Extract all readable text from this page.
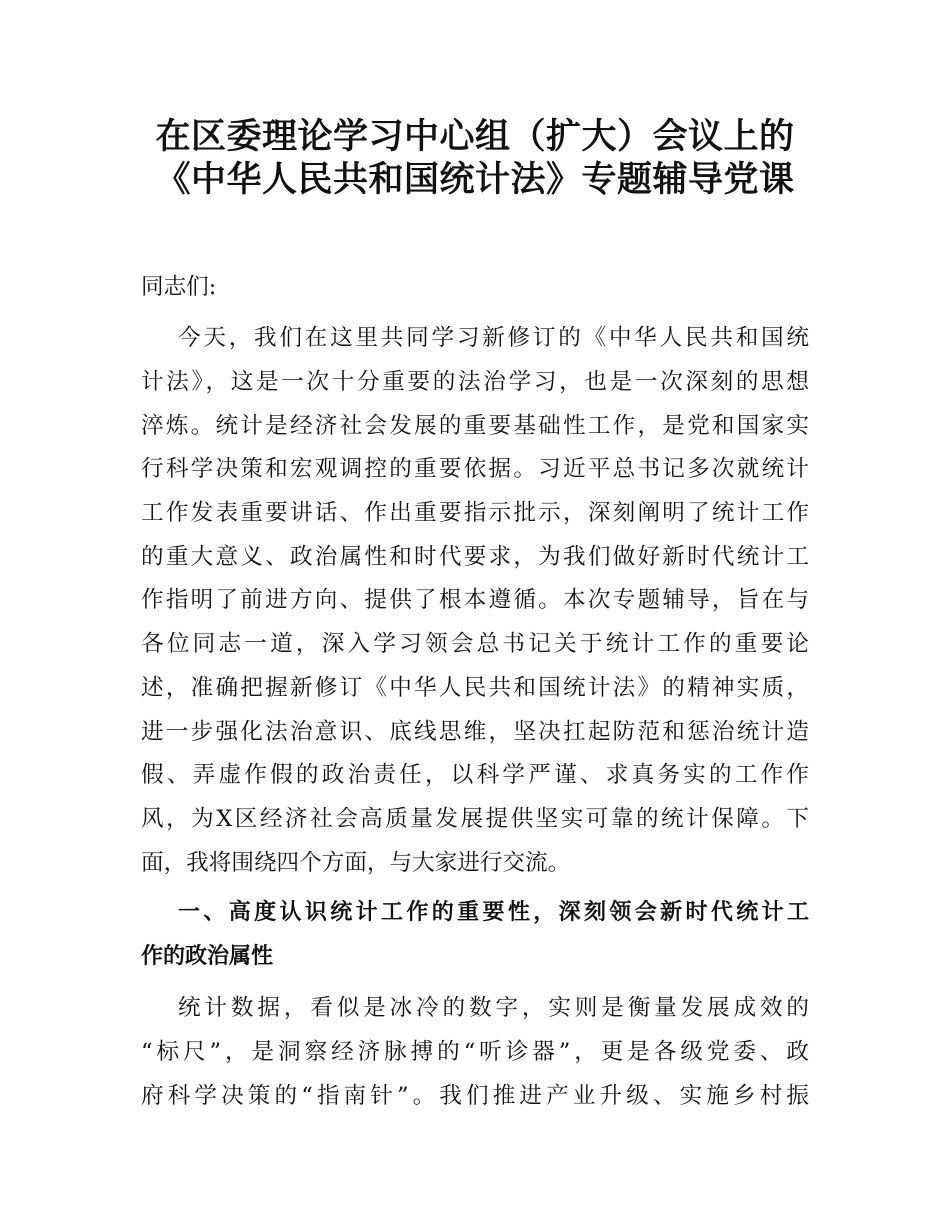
在区委理论学习中心组（扩大）会议上的
《中华人民共和国统计法》专题辅导党课
同志们:
今天，我们在这里共同学习新修订的《中华人民共和国统
计法》，这是一次十分重要的法治学习，也是一次深刻的思想
淬炼。统计是经济社会发展的重要基础性工作，是党和国家实
行科学决策和宏观调控的重要依据。习近平总书记多次就统计
工作发表重要讲话、作出重要指示批示，深刻阐明了统计工作
的重大意义、政治属性和时代要求，为我们做好新时代统计工
作指明了前进方向、提供了根本遵循。本次专题辅导，旨在与
各位同志一道，深入学习领会总书记关于统计工作的重要论
述，准确把握新修订《中华人民共和国统计法》的精神实质，
进一步强化法治意识、底线思维，坚决扛起防范和惩治统计造
假、弄虚作假的政治责任，以科学严谨、求真务实的工作作
风，为X区经济社会高质量发展提供坚实可靠的统计保障。下
面，我将围绕四个方面，与大家进行交流。
一、高度认识统计工作的重要性，深刻领会新时代统计工
作的政治属性
统计数据，看似是冰冷的数字，实则是衡量发展成效的
“标尺”，是洞察经济脉搏的“听诊器”，更是各级党委、政
府科学决策的“指南针”。我们推进产业升级、实施乡村振
